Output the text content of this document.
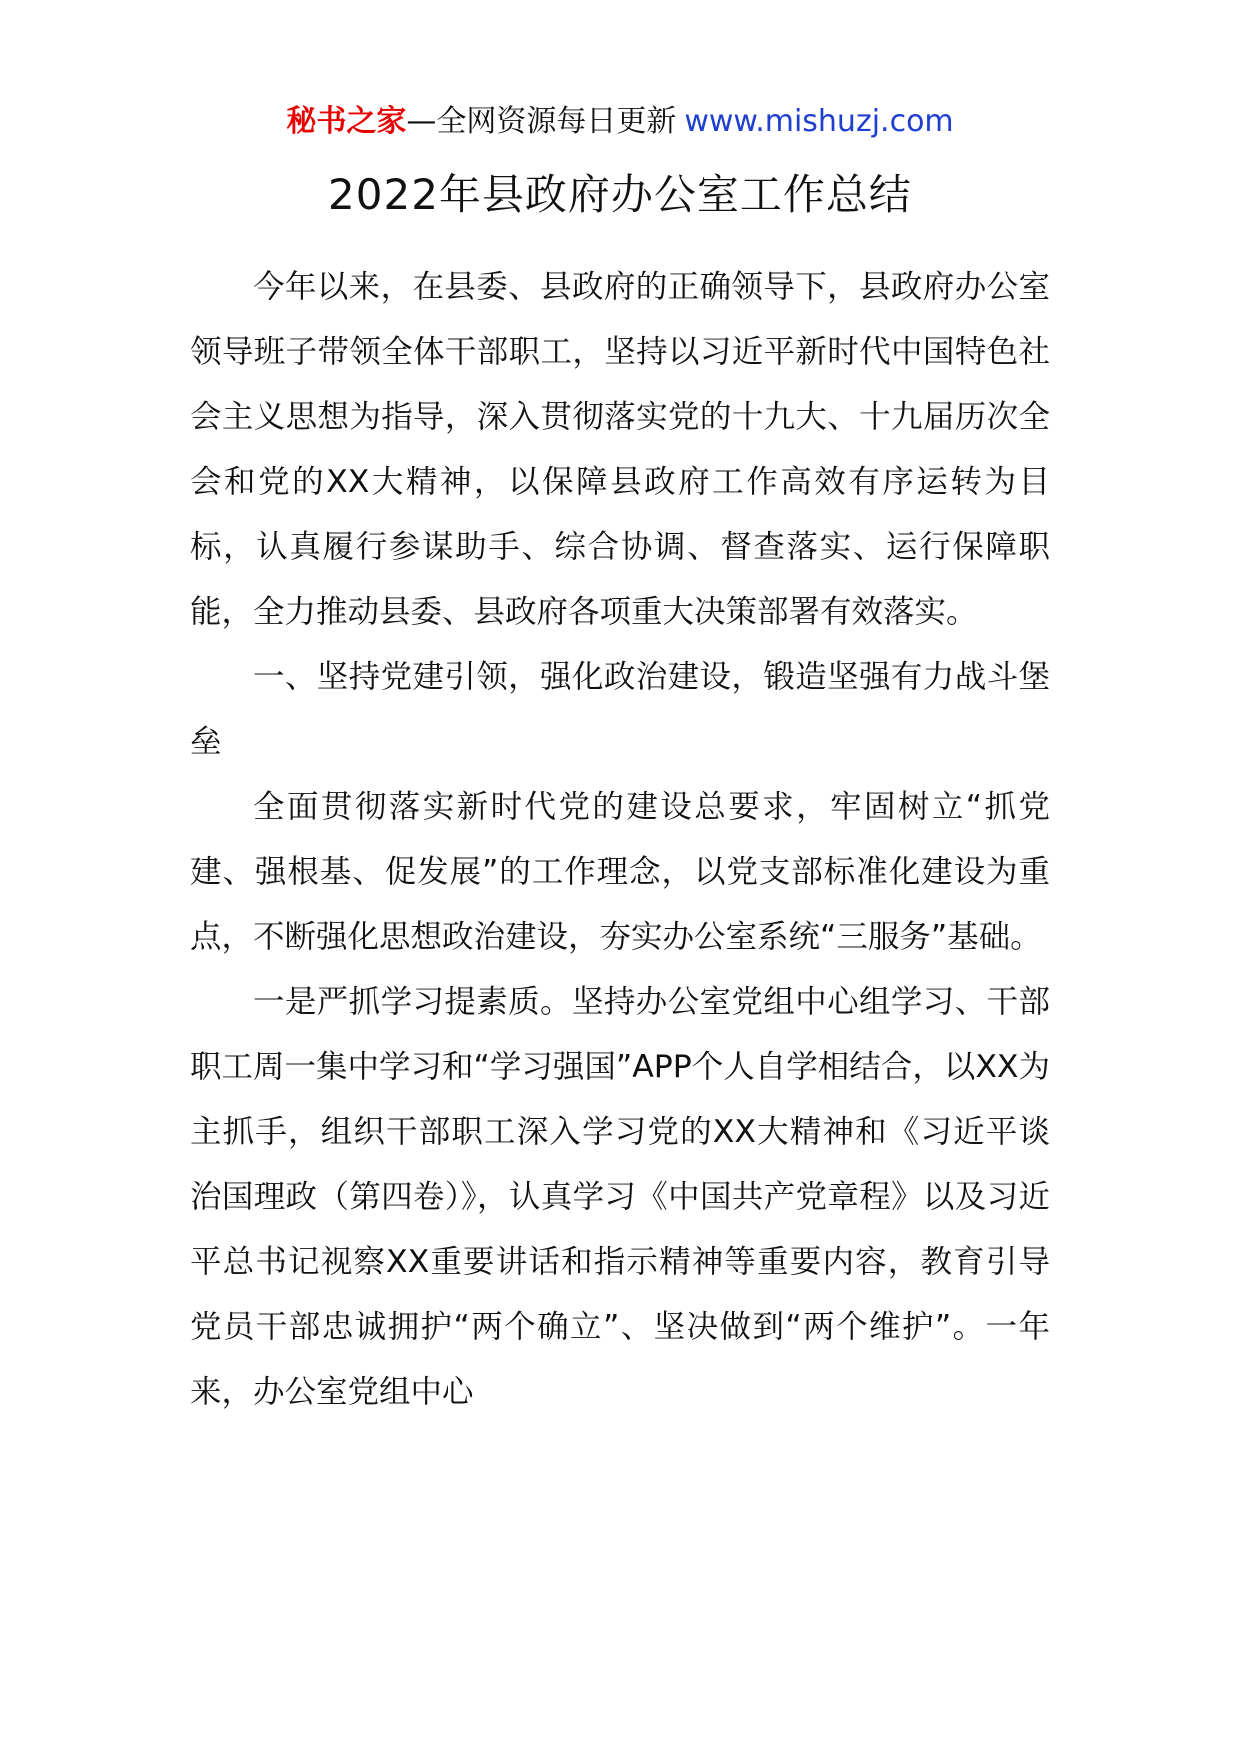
秘书之家—全网资源每日更新 www.mishuzj.com
2022年县政府办公室工作总结

今年以来，在县委、县政府的正确领导下，县政府办公室领导班子带领全体干部职工，坚持以习近平新时代中国特色社会主义思想为指导，深入贯彻落实党的十九大、十九届历次全会和党的XX大精神，以保障县政府工作高效有序运转为目标，认真履行参谋助手、综合协调、督查落实、运行保障职能，全力推动县委、县政府各项重大决策部署有效落实。

一、坚持党建引领，强化政治建设，锻造坚强有力战斗堡垒

全面贯彻落实新时代党的建设总要求，牢固树立“抓党建、强根基、促发展”的工作理念，以党支部标准化建设为重点，不断强化思想政治建设，夯实办公室系统“三服务”基础。

一是严抓学习提素质。坚持办公室党组中心组学习、干部职工周一集中学习和“学习强国”APP个人自学相结合，以XX为主抓手，组织干部职工深入学习党的XX大精神和《习近平谈治国理政（第四卷）》，认真学习《中国共产党章程》以及习近平总书记视察XX重要讲话和指示精神等重要内容，教育引导党员干部忠诚拥护“两个确立”、坚决做到“两个维护”。一年来，办公室党组中心
